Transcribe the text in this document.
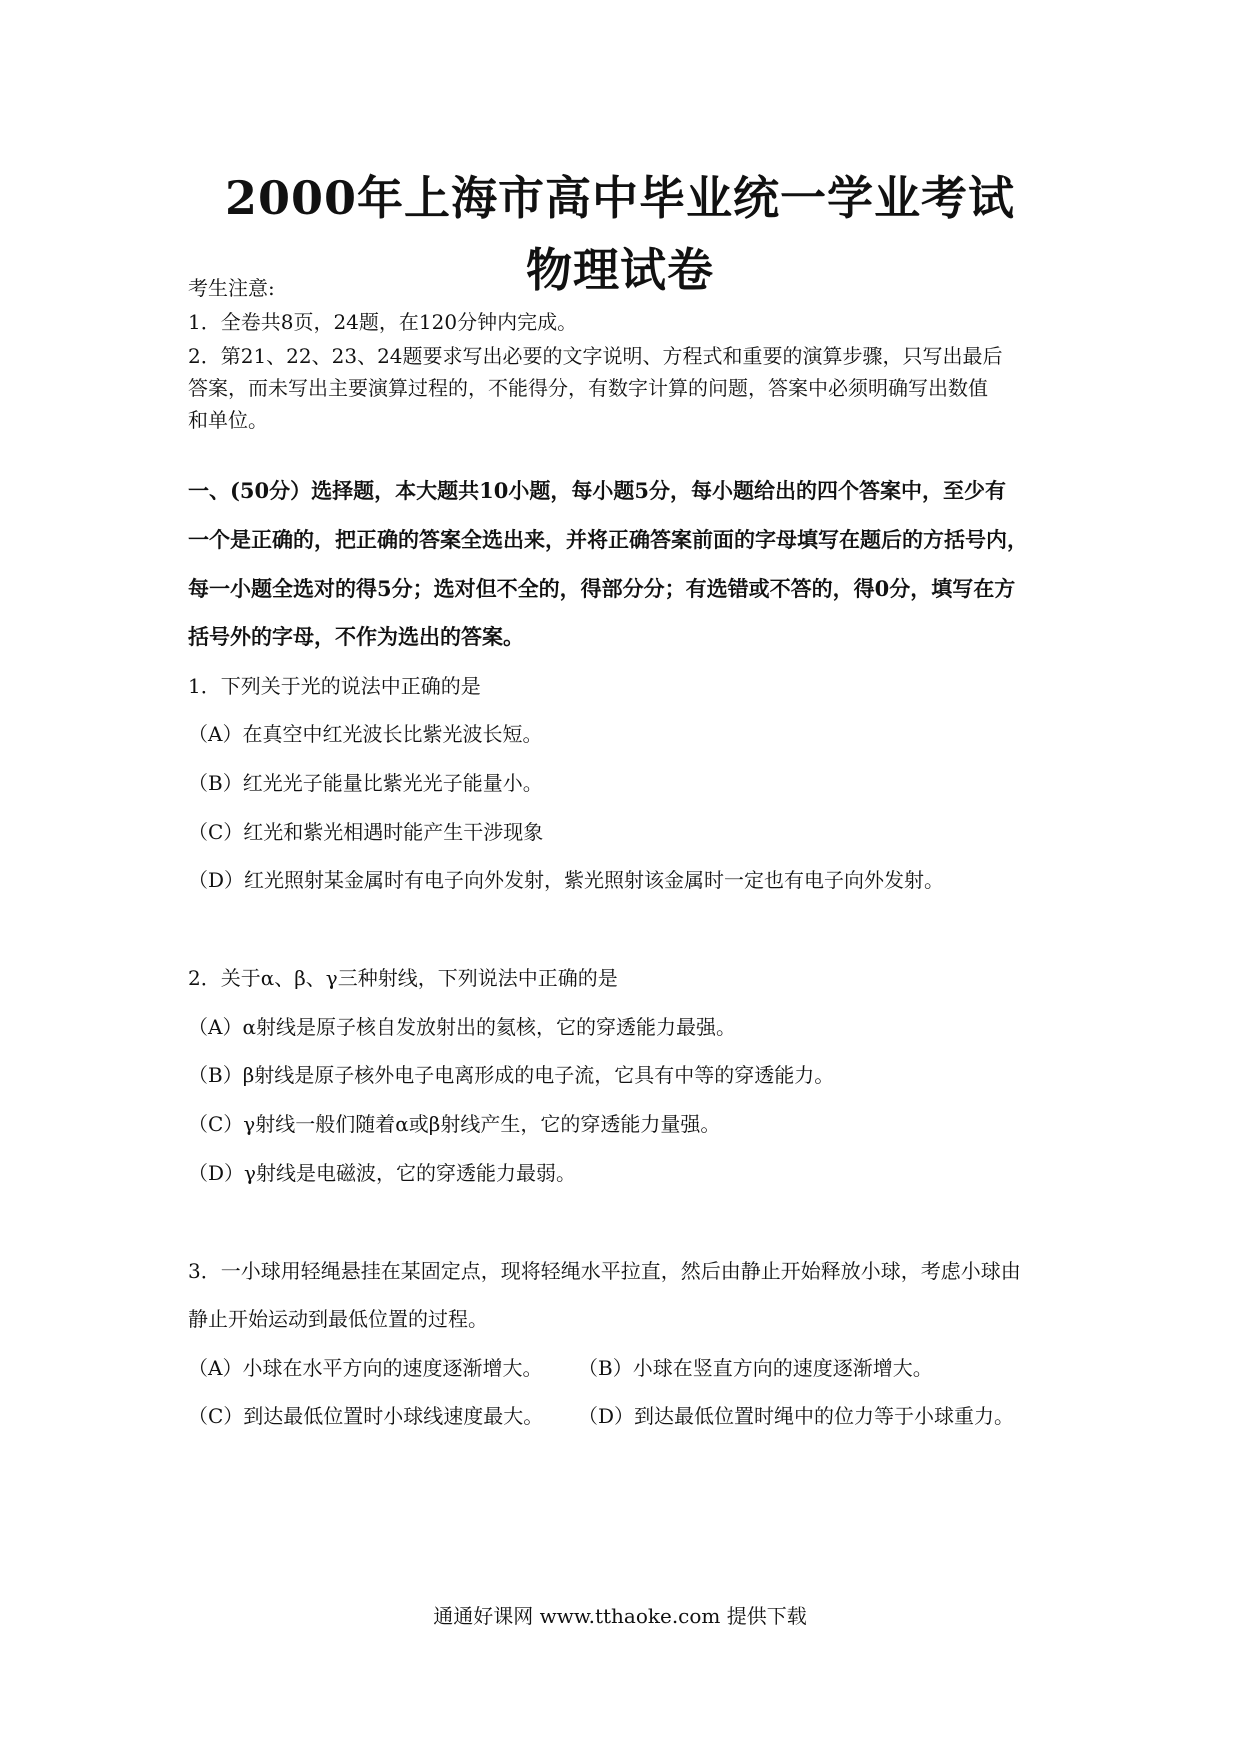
2000年上海市高中毕业统一学业考试
物理试卷
考生注意:
1．全卷共8页，24题，在120分钟内完成。
2．第21、22、23、24题要求写出必要的文字说明、方程式和重要的演算步骤，只写出最后
答案，而未写出主要演算过程的，不能得分，有数字计算的问题，答案中必须明确写出数值
和单位。
一、(50分）选择题，本大题共10小题，每小题5分，每小题给出的四个答案中，至少有
一个是正确的，把正确的答案全选出来，并将正确答案前面的字母填写在题后的方括号内，
每一小题全选对的得5分；选对但不全的，得部分分；有选错或不答的，得0分，填写在方
括号外的字母，不作为选出的答案。
1．下列关于光的说法中正确的是
（A）在真空中红光波长比紫光波长短。
（B）红光光子能量比紫光光子能量小。
（C）红光和紫光相遇时能产生干涉现象
（D）红光照射某金属时有电子向外发射，紫光照射该金属时一定也有电子向外发射。
2．关于α、β、γ三种射线，下列说法中正确的是
（A）α射线是原子核自发放射出的氦核，它的穿透能力最强。
（B）β射线是原子核外电子电离形成的电子流，它具有中等的穿透能力。
（C）γ射线一般们随着α或β射线产生，它的穿透能力量强。
（D）γ射线是电磁波，它的穿透能力最弱。
3．一小球用轻绳悬挂在某固定点，现将轻绳水平拉直，然后由静止开始释放小球，考虑小球由
静止开始运动到最低位置的过程。
（A）小球在水平方向的速度逐渐增大。 （B）小球在竖直方向的速度逐渐增大。
（C）到达最低位置时小球线速度最大。 （D）到达最低位置时绳中的位力等于小球重力。
通通好课网 www.tthaoke.com 提供下载
